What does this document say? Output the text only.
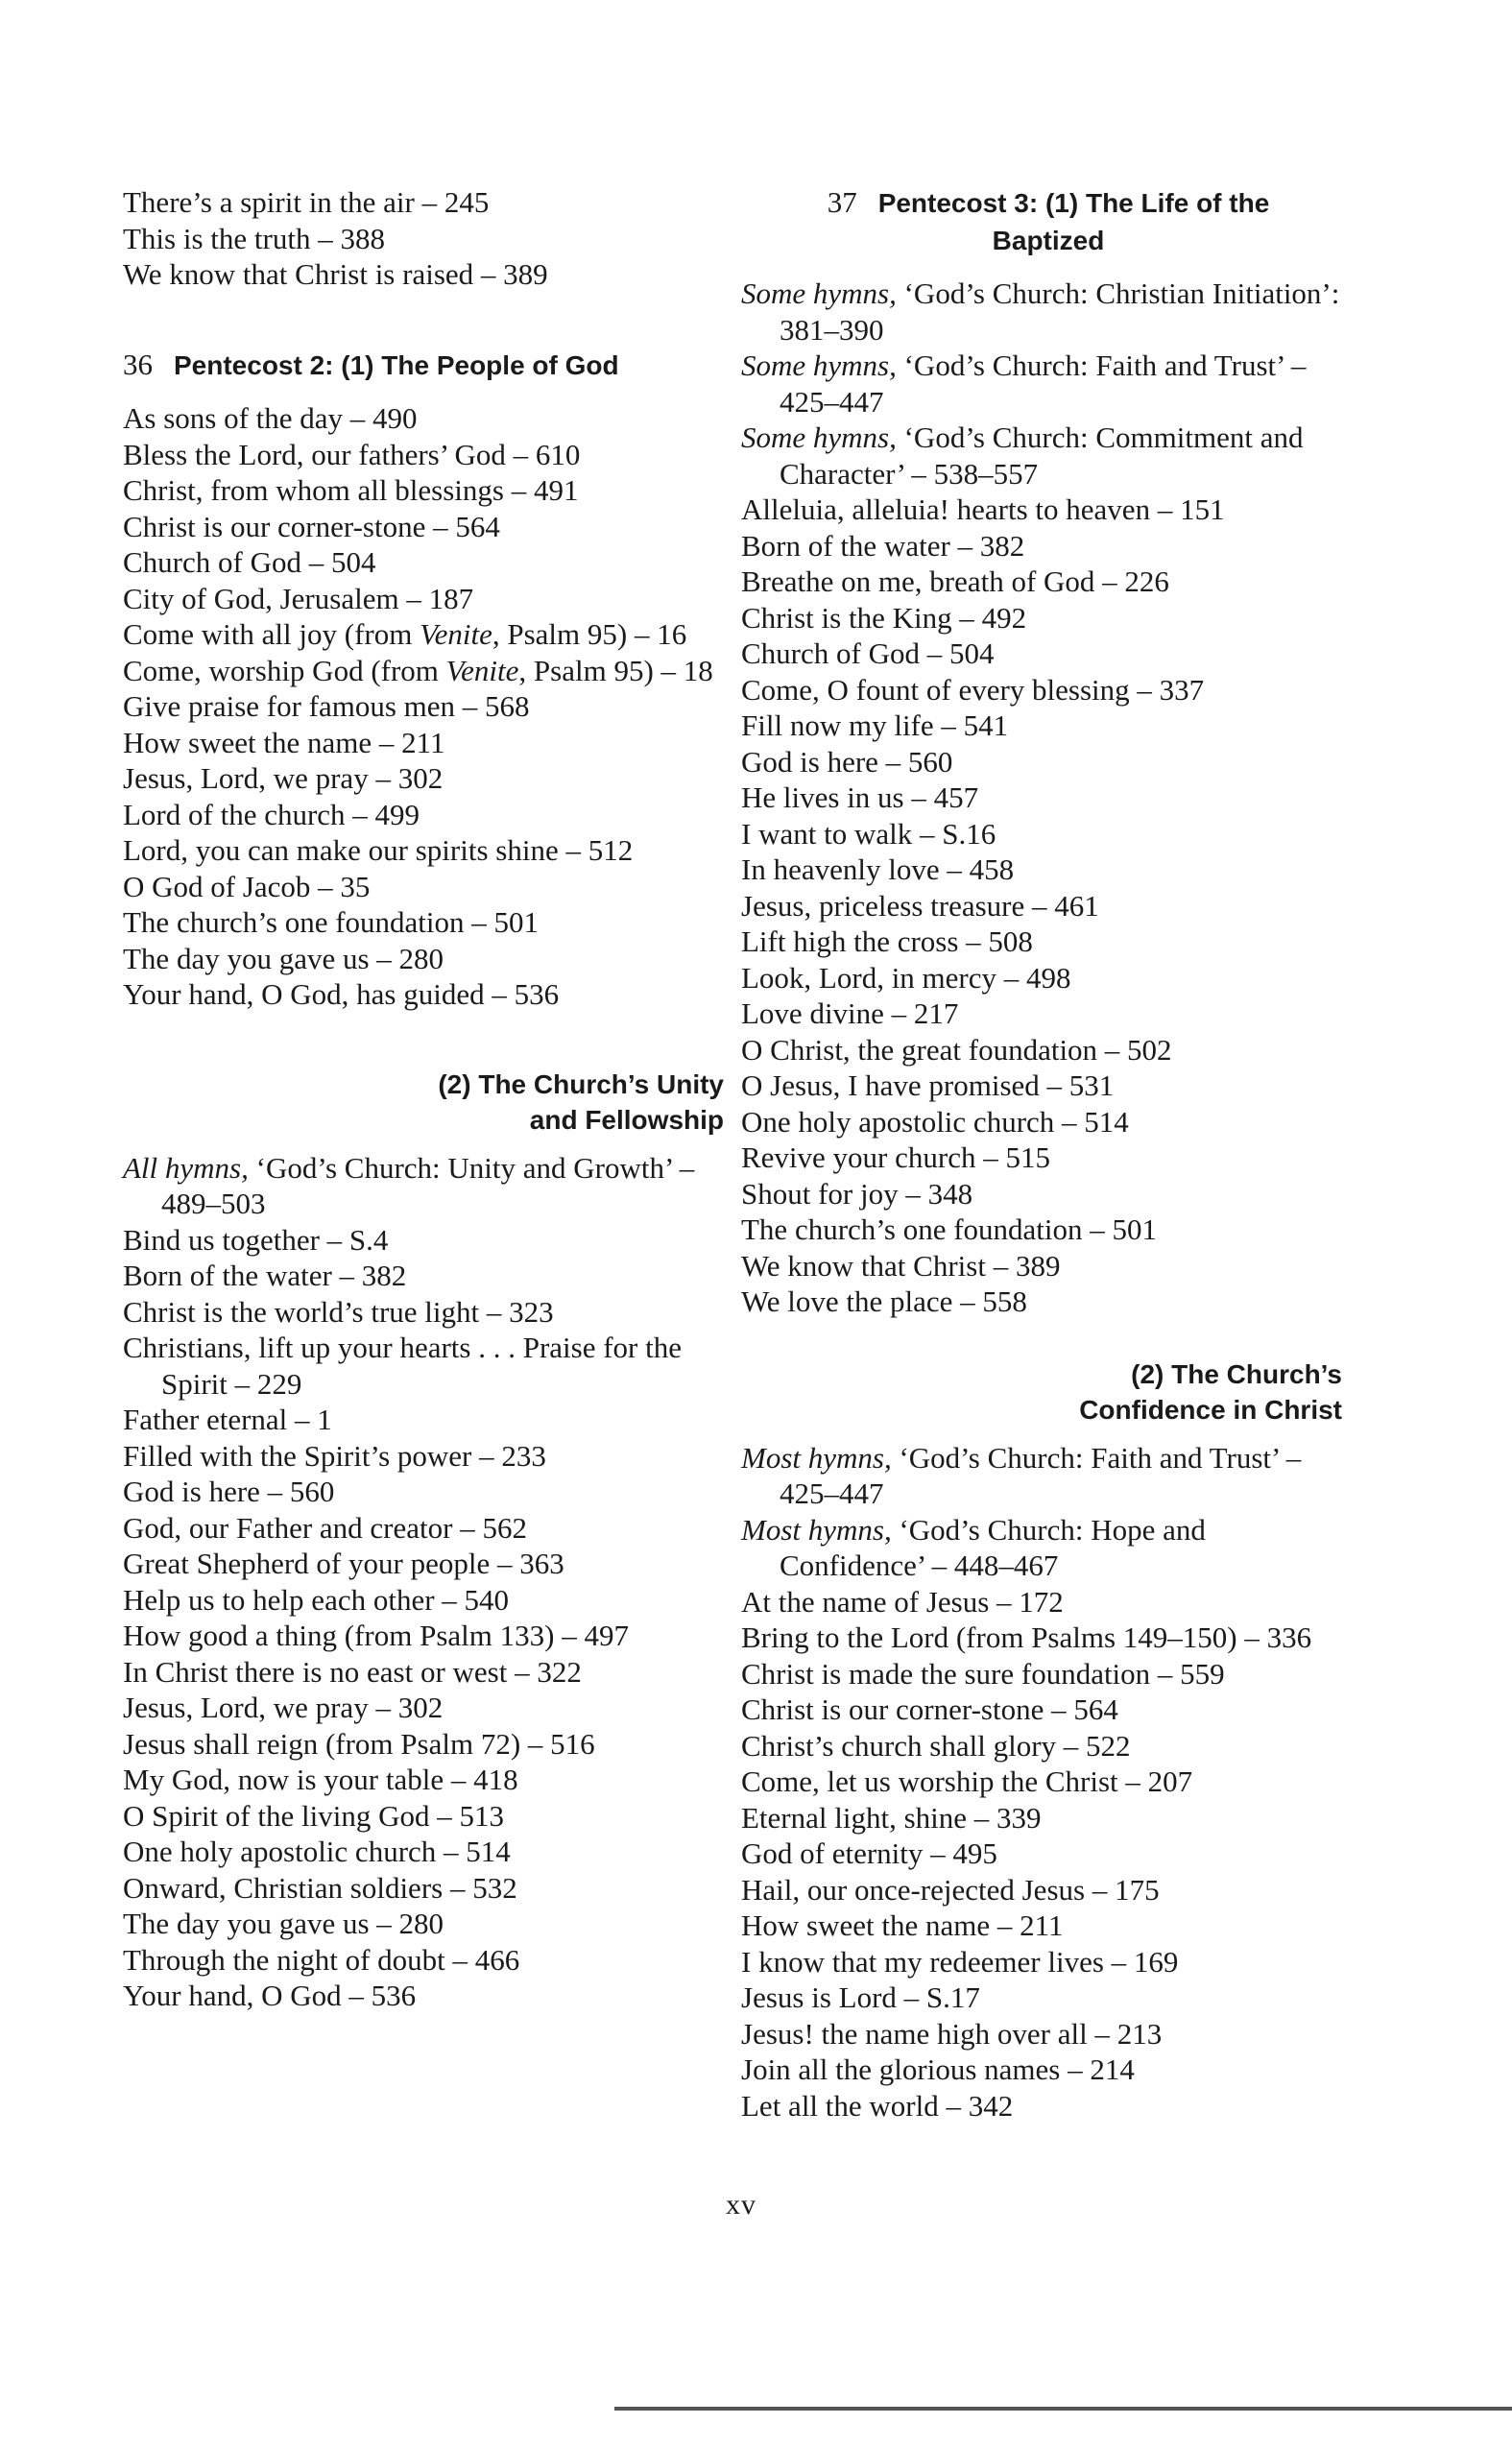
There’s a spirit in the air – 245

This is the truth – 388

We know that Christ is raised – 389

36 Pentecost 2: (1) The People of God

As sons of the day – 490

Bless the Lord, our fathers’ God – 610

Christ, from whom all blessings – 491

Christ is our corner-stone – 564

Church of God – 504

City of God, Jerusalem – 187

Come with all joy (from Venite, Psalm 95) – 16

Come, worship God (from Venite, Psalm 95) – 18

Give praise for famous men – 568

How sweet the name – 211

Jesus, Lord, we pray – 302

Lord of the church – 499

Lord, you can make our spirits shine – 512

O God of Jacob – 35

The church’s one foundation – 501

The day you gave us – 280

Your hand, O God, has guided – 536

(2) The Church’s Unity
and Fellowship

All hymns, ‘God’s Church: Unity and Growth’ – 489–503

Bind us together – S.4

Born of the water – 382

Christ is the world’s true light – 323

Christians, lift up your hearts . . . Praise for the Spirit – 229

Father eternal – 1

Filled with the Spirit’s power – 233

God is here – 560

God, our Father and creator – 562

Great Shepherd of your people – 363

Help us to help each other – 540

How good a thing (from Psalm 133) – 497

In Christ there is no east or west – 322

Jesus, Lord, we pray – 302

Jesus shall reign (from Psalm 72) – 516

My God, now is your table – 418

O Spirit of the living God – 513

One holy apostolic church – 514

Onward, Christian soldiers – 532

The day you gave us – 280

Through the night of doubt – 466

Your hand, O God – 536

37 Pentecost 3: (1) The Life of the
Baptized

Some hymns, ‘God’s Church: Christian Initiation’: 381–390

Some hymns, ‘God’s Church: Faith and Trust’ – 425–447

Some hymns, ‘God’s Church: Commitment and Character’ – 538–557

Alleluia, alleluia! hearts to heaven – 151

Born of the water – 382

Breathe on me, breath of God – 226

Christ is the King – 492

Church of God – 504

Come, O fount of every blessing – 337

Fill now my life – 541

God is here – 560

He lives in us – 457

I want to walk – S.16

In heavenly love – 458

Jesus, priceless treasure – 461

Lift high the cross – 508

Look, Lord, in mercy – 498

Love divine – 217

O Christ, the great foundation – 502

O Jesus, I have promised – 531

One holy apostolic church – 514

Revive your church – 515

Shout for joy – 348

The church’s one foundation – 501

We know that Christ – 389

We love the place – 558

(2) The Church’s
Confidence in Christ

Most hymns, ‘God’s Church: Faith and Trust’ – 425–447

Most hymns, ‘God’s Church: Hope and Confidence’ – 448–467

At the name of Jesus – 172

Bring to the Lord (from Psalms 149–150) – 336

Christ is made the sure foundation – 559

Christ is our corner-stone – 564

Christ’s church shall glory – 522

Come, let us worship the Christ – 207

Eternal light, shine – 339

God of eternity – 495

Hail, our once-rejected Jesus – 175

How sweet the name – 211

I know that my redeemer lives – 169

Jesus is Lord – S.17

Jesus! the name high over all – 213

Join all the glorious names – 214

Let all the world – 342

xv
